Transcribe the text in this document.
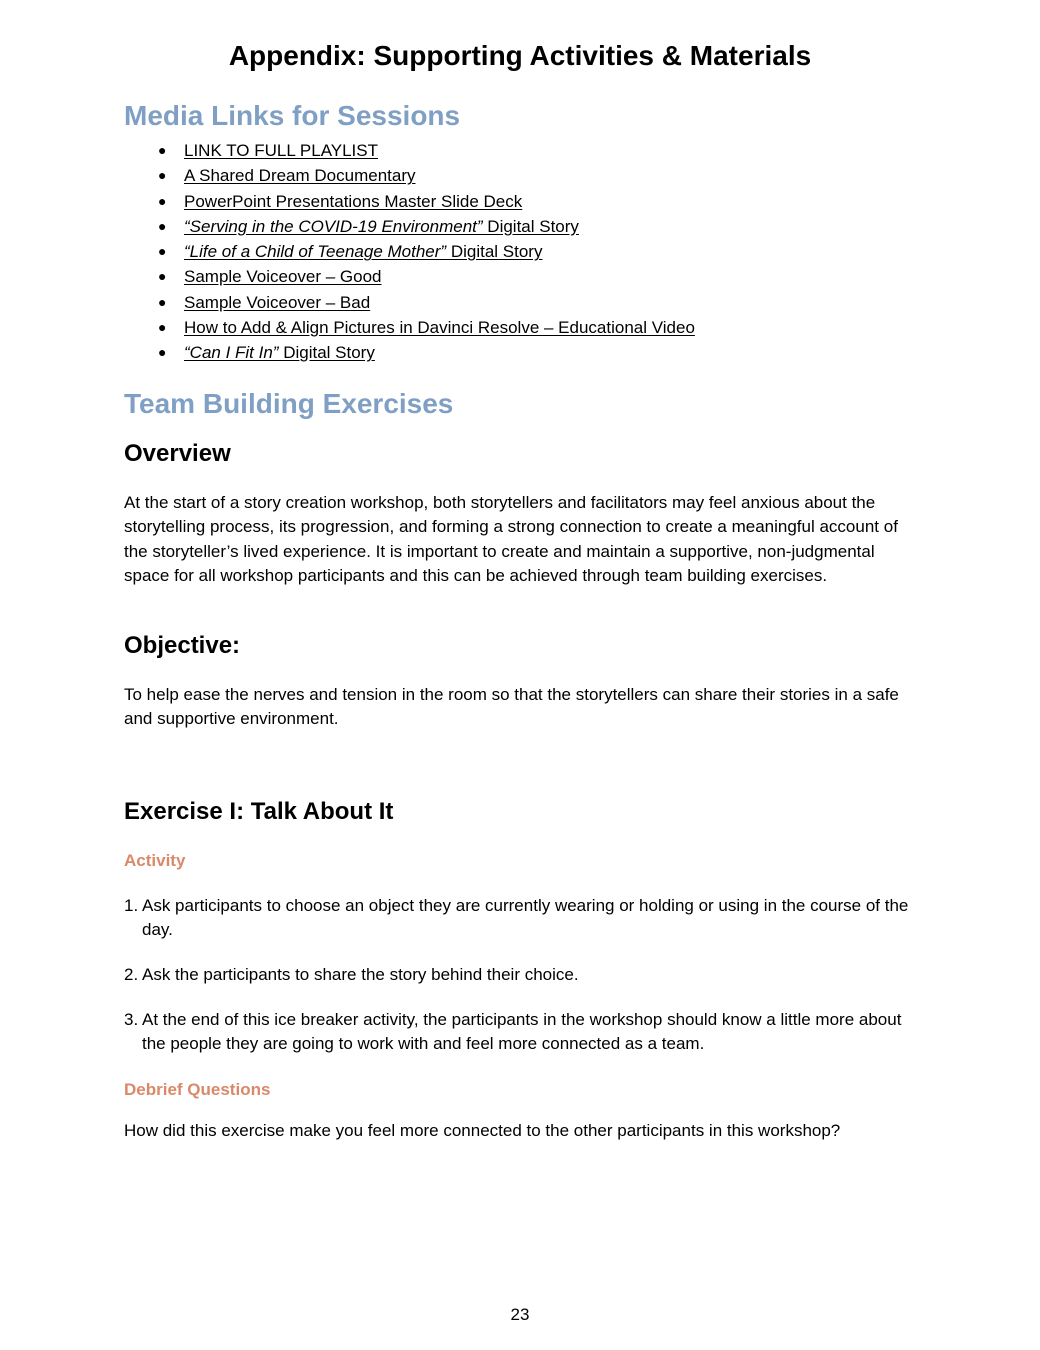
Appendix: Supporting Activities & Materials
Media Links for Sessions
● LINK TO FULL PLAYLIST
● A Shared Dream Documentary
● PowerPoint Presentations Master Slide Deck
● “Serving in the COVID-19 Environment” Digital Story
● “Life of a Child of Teenage Mother” Digital Story
● Sample Voiceover – Good
● Sample Voiceover – Bad
● How to Add & Align Pictures in Davinci Resolve – Educational Video
● “Can I Fit In” Digital Story
Team Building Exercises
Overview

At the start of a story creation workshop, both storytellers and facilitators may feel anxious about the storytelling process, its progression, and forming a strong connection to create a meaningful account of the storyteller’s lived experience. It is important to create and maintain a supportive, non-judgmental space for all workshop participants and this can be achieved through team building exercises.

Objective:

To help ease the nerves and tension in the room so that the storytellers can share their stories in a safe and supportive environment.

Exercise I: Talk About It
Activity
1. Ask participants to choose an object they are currently wearing or holding or using in the course of the day.
2. Ask the participants to share the story behind their choice.
3. At the end of this ice breaker activity, the participants in the workshop should know a little more about the people they are going to work with and feel more connected as a team.
Debrief Questions

How did this exercise make you feel more connected to the other participants in this workshop?

23
